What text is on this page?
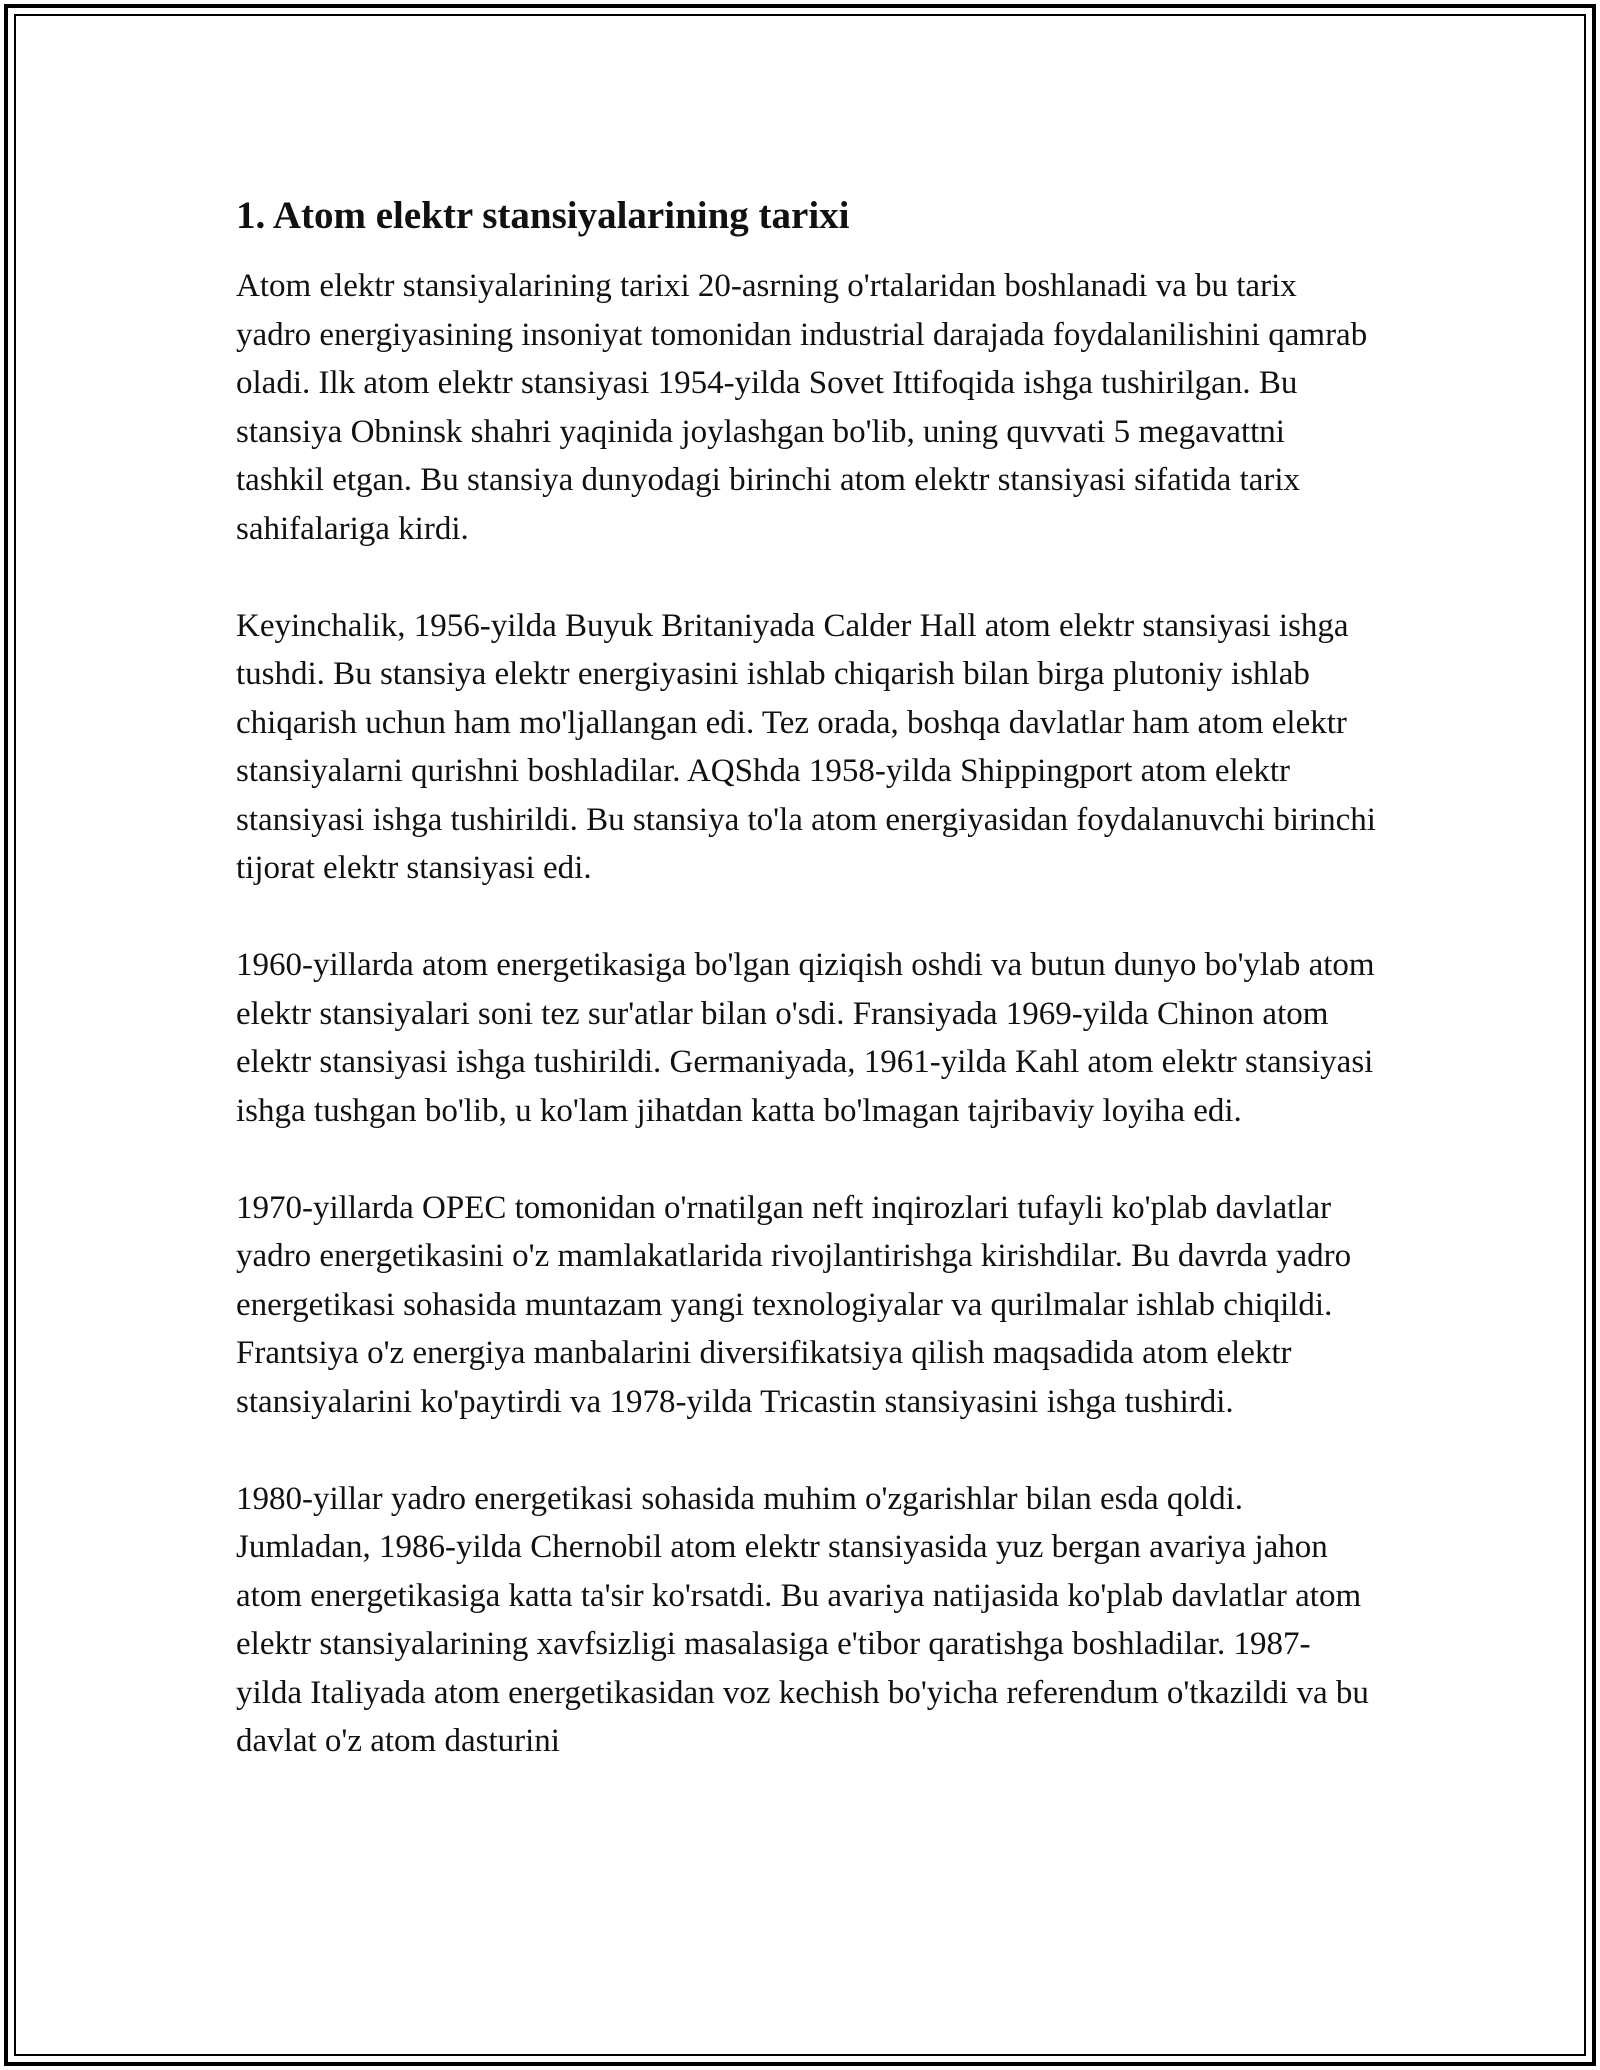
1. Atom elektr stansiyalarining tarixi

Atom elektr stansiyalarining tarixi 20-asrning o'rtalaridan boshlanadi va bu tarix yadro energiyasining insoniyat tomonidan industrial darajada foydalanilishini qamrab oladi. Ilk atom elektr stansiyasi 1954-yilda Sovet Ittifoqida ishga tushirilgan. Bu stansiya Obninsk shahri yaqinida joylashgan bo'lib, uning quvvati 5 megavattni tashkil etgan. Bu stansiya dunyodagi birinchi atom elektr stansiyasi sifatida tarix sahifalariga kirdi.

Keyinchalik, 1956-yilda Buyuk Britaniyada Calder Hall atom elektr stansiyasi ishga tushdi. Bu stansiya elektr energiyasini ishlab chiqarish bilan birga plutoniy ishlab chiqarish uchun ham mo'ljallangan edi. Tez orada, boshqa davlatlar ham atom elektr stansiyalarni qurishni boshladilar. AQShda 1958-yilda Shippingport atom elektr stansiyasi ishga tushirildi. Bu stansiya to'la atom energiyasidan foydalanuvchi birinchi tijorat elektr stansiyasi edi.

1960-yillarda atom energetikasiga bo'lgan qiziqish oshdi va butun dunyo bo'ylab atom elektr stansiyalari soni tez sur'atlar bilan o'sdi. Fransiyada 1969-yilda Chinon atom elektr stansiyasi ishga tushirildi. Germaniyada, 1961-yilda Kahl atom elektr stansiyasi ishga tushgan bo'lib, u ko'lam jihatdan katta bo'lmagan tajribaviy loyiha edi.

1970-yillarda OPEC tomonidan o'rnatilgan neft inqirozlari tufayli ko'plab davlatlar yadro energetikasini o'z mamlakatlarida rivojlantirishga kirishdilar. Bu davrda yadro energetikasi sohasida muntazam yangi texnologiyalar va qurilmalar ishlab chiqildi. Frantsiya o'z energiya manbalarini diversifikatsiya qilish maqsadida atom elektr stansiyalarini ko'paytirdi va 1978-yilda Tricastin stansiyasini ishga tushirdi.

1980-yillar yadro energetikasi sohasida muhim o'zgarishlar bilan esda qoldi. Jumladan, 1986-yilda Chernobil atom elektr stansiyasida yuz bergan avariya jahon atom energetikasiga katta ta'sir ko'rsatdi. Bu avariya natijasida ko'plab davlatlar atom elektr stansiyalarining xavfsizligi masalasiga e'tibor qaratishga boshladilar. 1987-yilda Italiyada atom energetikasidan voz kechish bo'yicha referendum o'tkazildi va bu davlat o'z atom dasturini
